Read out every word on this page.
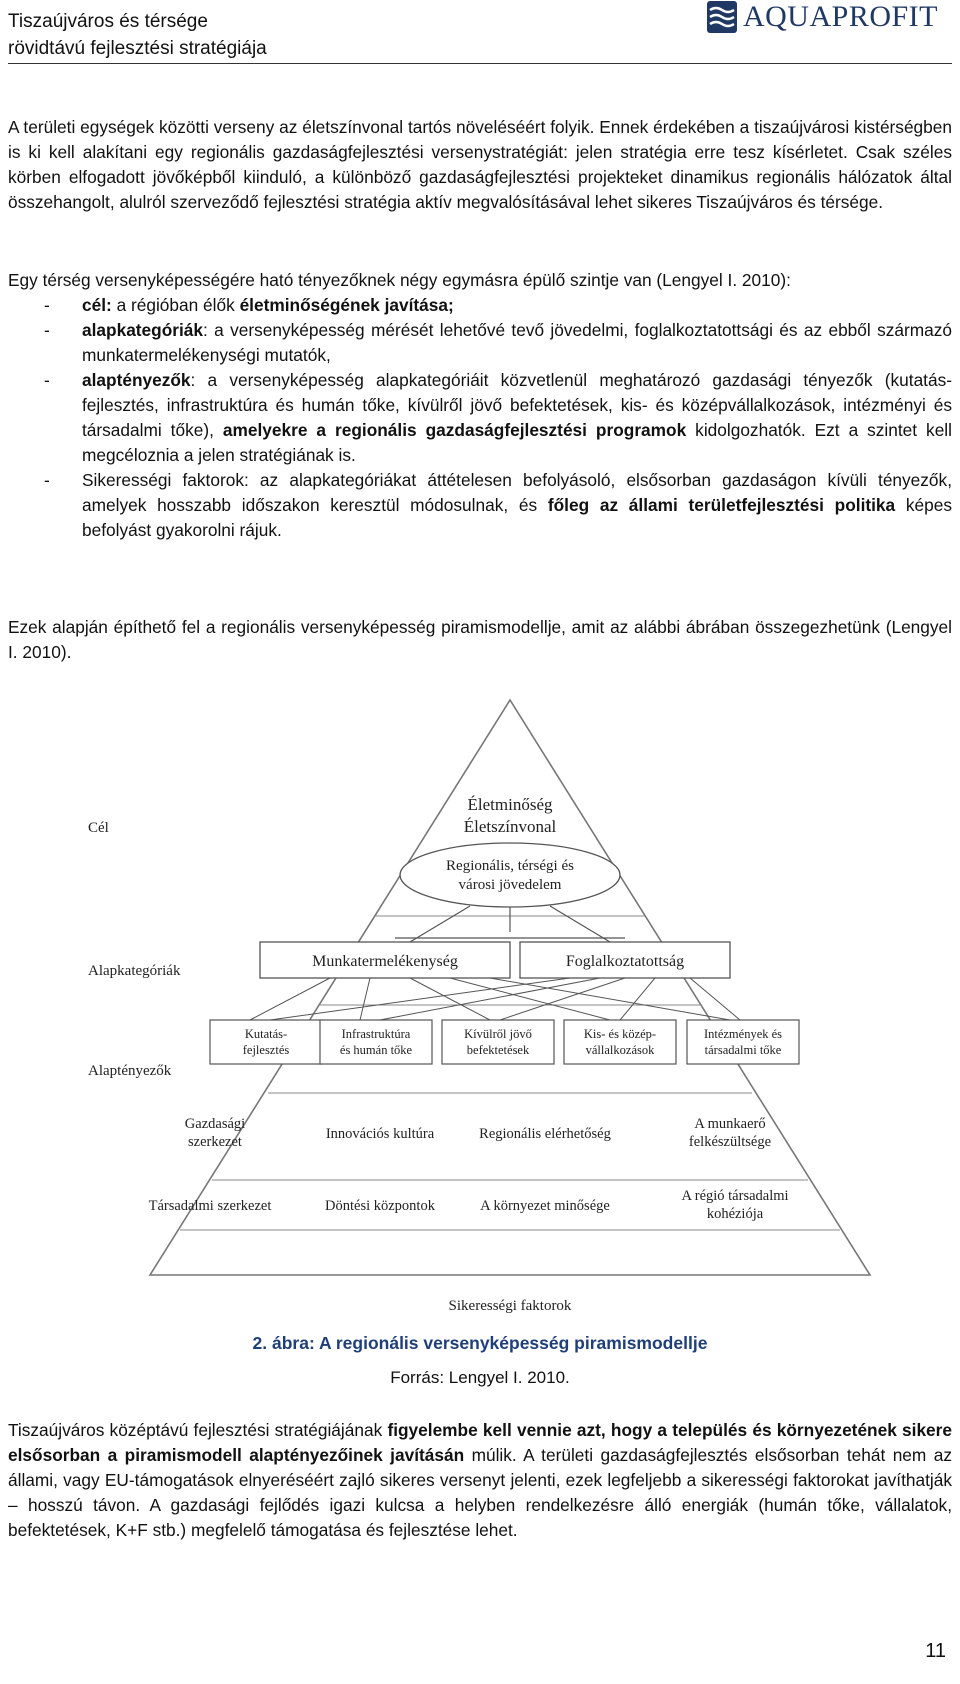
Tiszaújváros és térsége
rövidtávú fejlesztési stratégiája
AQUAPROFIT
A területi egységek közötti verseny az életszínvonal tartós növeléséért folyik. Ennek érdekében a tiszaújvárosi kistérségben is ki kell alakítani egy regionális gazdaságfejlesztési versenystratégiát: jelen stratégia erre tesz kísérletet. Csak széles körben elfogadott jövőképből kiinduló, a különböző gazdaságfejlesztési projekteket dinamikus regionális hálózatok által összehangolt, alulról szerveződő fejlesztési stratégia aktív megvalósításával lehet sikeres Tiszaújváros és térsége.
Egy térség versenyképességére ható tényezőknek négy egymásra épülő szintje van (Lengyel I. 2010):
- cél: a régióban élők életminőségének javítása;
- alapkategóriák: a versenyképesség mérését lehetővé tevő jövedelmi, foglalkoztatottsági és az ebből származó munkatermelékenységi mutatók,
- alaptényezők: a versenyképesség alapkategóriáit közvetlenül meghatározó gazdasági tényezők (kutatás-fejlesztés, infrastruktúra és humán tőke, kívülről jövő befektetések, kis- és középvállalkozások, intézményi és társadalmi tőke), amelyekre a regionális gazdaságfejlesztési programok kidolgozhatók. Ezt a szintet kell megcéloznia a jelen stratégiának is.
- Sikerességi faktorok: az alapkategóriákat áttételesen befolyásoló, elsősorban gazdaságon kívüli tényezők, amelyek hosszabb időszakon keresztül módosulnak, és főleg az állami területfejlesztési politika képes befolyást gyakorolni rájuk.
Ezek alapján építhető fel a regionális versenyképesség piramismodellje, amit az alábbi ábrában összegezhetünk (Lengyel I. 2010).
Cél
Alapkategóriák
Alaptényezők
Életminőség
Életszínvonal
Regionális, térségi és
városi jövedelem
Munkatermelékenység	Foglalkoztatottság
Kutatás-
fejlesztés
Infrastruktúra
és humán tőke
Kívülről jövő
befektetések
Kis- és közép-
vállalkozások
Intézmények és
társadalmi tőke
Gazdasági
szerkezet	Innovációs kultúra	Regionális elérhetőség
A munkaerő
felkészültsége
Társadalmi szerkezet	Döntési központok	A környezet minősége
A régió társadalmi
kohéziója
Sikerességi faktorok
2. ábra: A regionális versenyképesség piramismodellje
Forrás: Lengyel I. 2010.
Tiszaújváros középtávú fejlesztési stratégiájának figyelembe kell vennie azt, hogy a település és környezetének sikere elsősorban a piramismodell alaptényezőinek javításán múlik. A területi gazdaságfejlesztés elsősorban tehát nem az állami, vagy EU-támogatások elnyeréséért zajló sikeres versenyt jelenti, ezek legfeljebb a sikerességi faktorokat javíthatják – hosszú távon. A gazdasági fejlődés igazi kulcsa a helyben rendelkezésre álló energiák (humán tőke, vállalatok, befektetések, K+F stb.) megfelelő támogatása és fejlesztése lehet.
11
